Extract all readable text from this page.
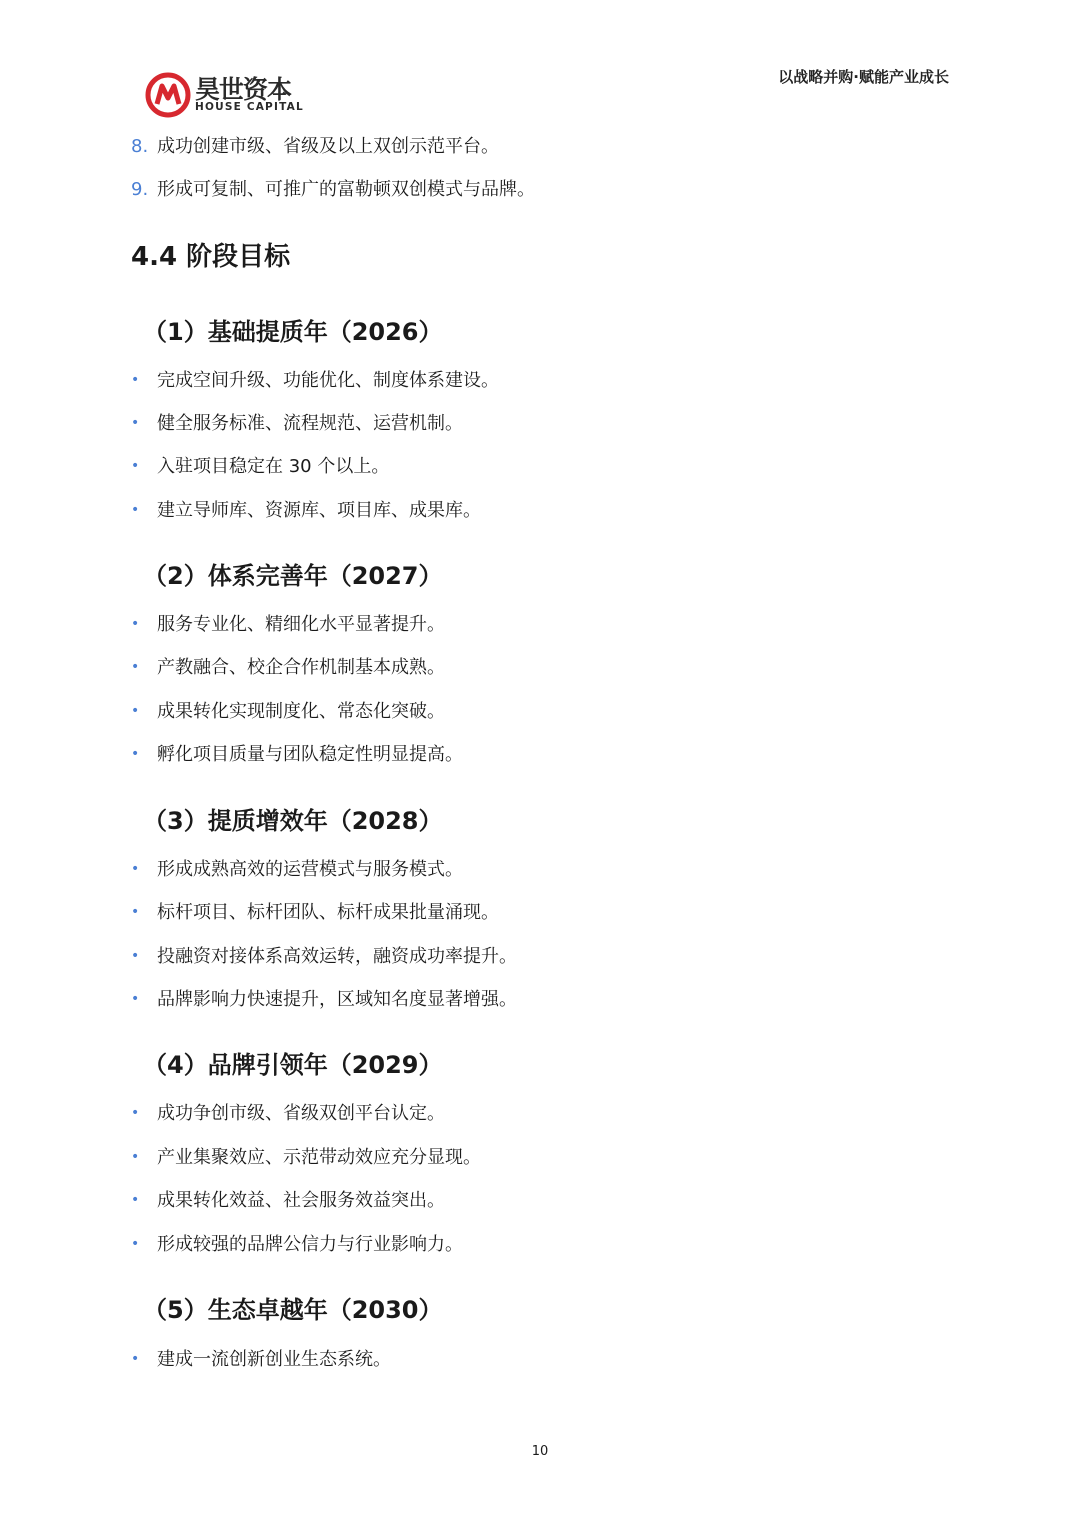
以战略并购·赋能产业成长
昊世资本
HOUSE CAPITAL
8. 成功创建市级、省级及以上双创示范平台。
9. 形成可复制、可推广的富勒顿双创模式与品牌。
4.4 阶段目标
（1）基础提质年（2026）
• 完成空间升级、功能优化、制度体系建设。
• 健全服务标准、流程规范、运营机制。
• 入驻项目稳定在 30 个以上。
• 建立导师库、资源库、项目库、成果库。
（2）体系完善年（2027）
• 服务专业化、精细化水平显著提升。
• 产教融合、校企合作机制基本成熟。
• 成果转化实现制度化、常态化突破。
• 孵化项目质量与团队稳定性明显提高。
（3）提质增效年（2028）
• 形成成熟高效的运营模式与服务模式。
• 标杆项目、标杆团队、标杆成果批量涌现。
• 投融资对接体系高效运转，融资成功率提升。
• 品牌影响力快速提升，区域知名度显著增强。
（4）品牌引领年（2029）
• 成功争创市级、省级双创平台认定。
• 产业集聚效应、示范带动效应充分显现。
• 成果转化效益、社会服务效益突出。
• 形成较强的品牌公信力与行业影响力。
（5）生态卓越年（2030）
• 建成一流创新创业生态系统。
10
